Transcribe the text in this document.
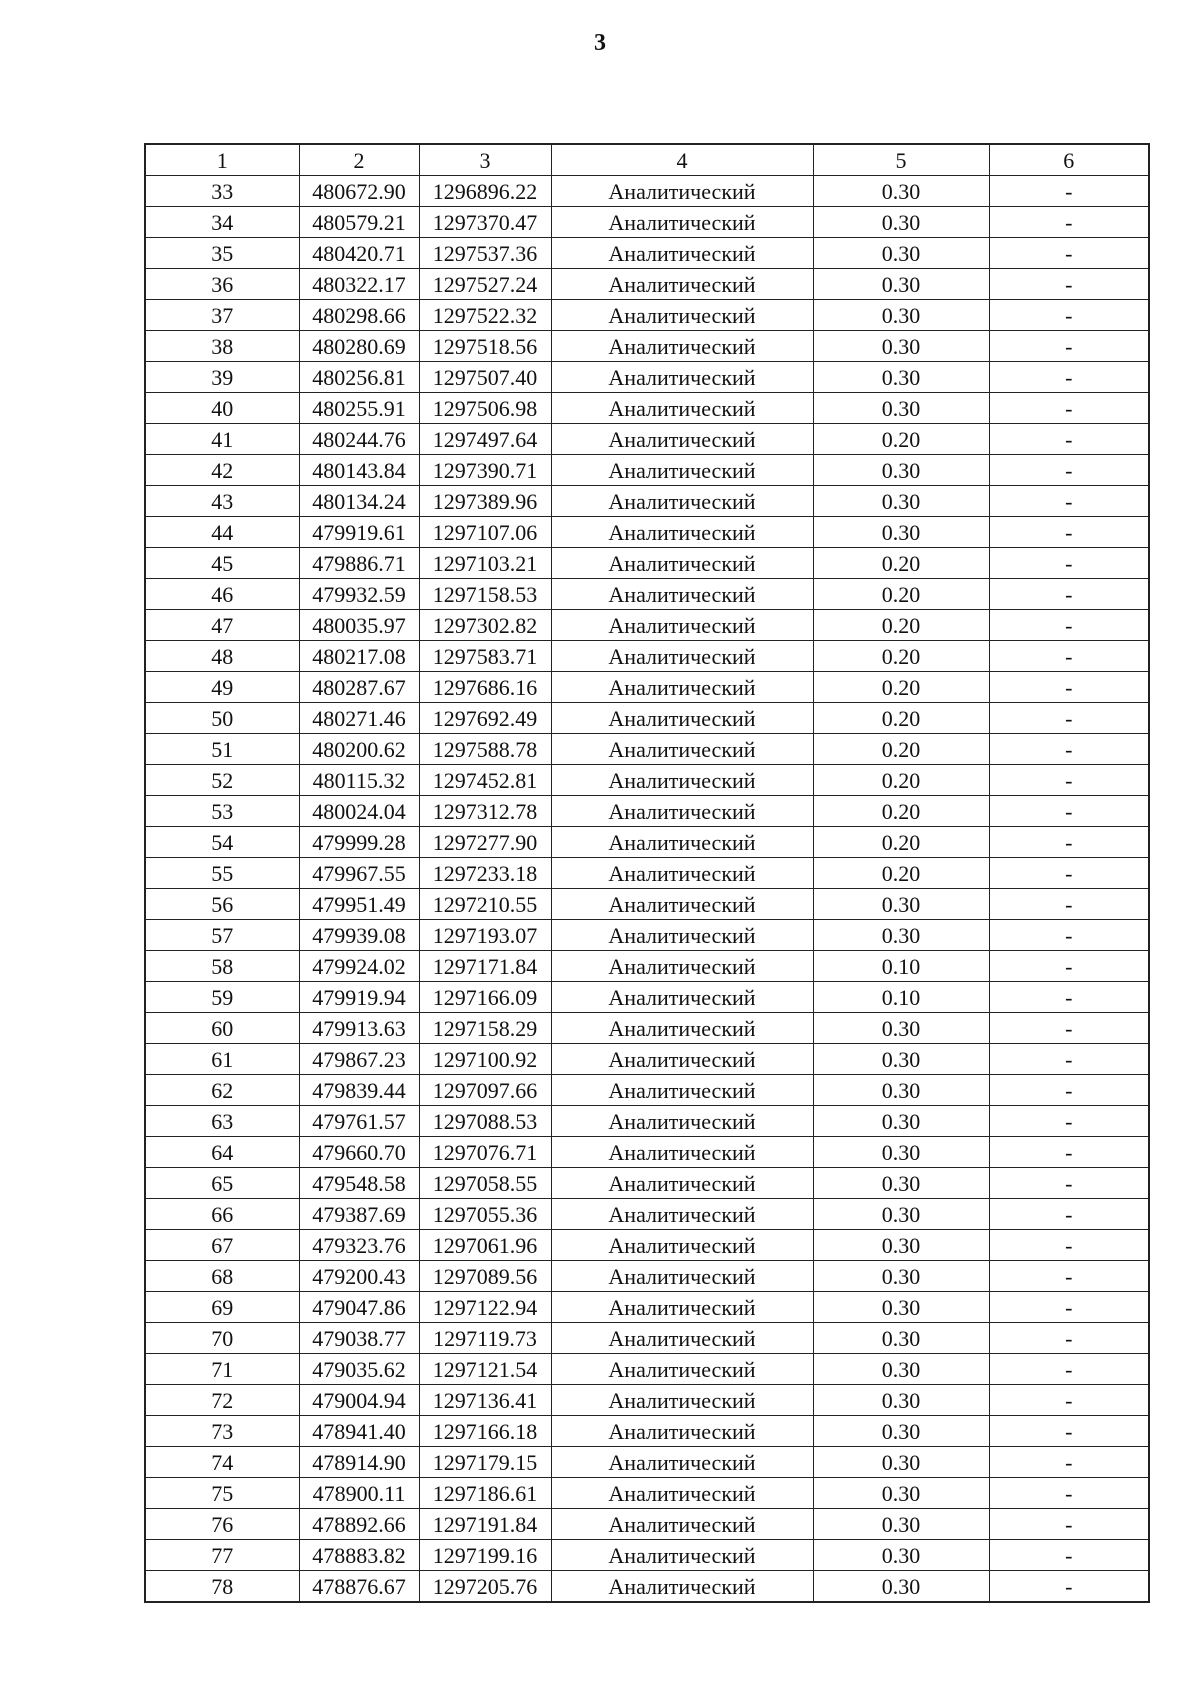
3
1	2	3	4	5	6
33	480672.90	1296896.22	Аналитический	0.30	-
34	480579.21	1297370.47	Аналитический	0.30	-
35	480420.71	1297537.36	Аналитический	0.30	-
36	480322.17	1297527.24	Аналитический	0.30	-
37	480298.66	1297522.32	Аналитический	0.30	-
38	480280.69	1297518.56	Аналитический	0.30	-
39	480256.81	1297507.40	Аналитический	0.30	-
40	480255.91	1297506.98	Аналитический	0.30	-
41	480244.76	1297497.64	Аналитический	0.20	-
42	480143.84	1297390.71	Аналитический	0.30	-
43	480134.24	1297389.96	Аналитический	0.30	-
44	479919.61	1297107.06	Аналитический	0.30	-
45	479886.71	1297103.21	Аналитический	0.20	-
46	479932.59	1297158.53	Аналитический	0.20	-
47	480035.97	1297302.82	Аналитический	0.20	-
48	480217.08	1297583.71	Аналитический	0.20	-
49	480287.67	1297686.16	Аналитический	0.20	-
50	480271.46	1297692.49	Аналитический	0.20	-
51	480200.62	1297588.78	Аналитический	0.20	-
52	480115.32	1297452.81	Аналитический	0.20	-
53	480024.04	1297312.78	Аналитический	0.20	-
54	479999.28	1297277.90	Аналитический	0.20	-
55	479967.55	1297233.18	Аналитический	0.20	-
56	479951.49	1297210.55	Аналитический	0.30	-
57	479939.08	1297193.07	Аналитический	0.30	-
58	479924.02	1297171.84	Аналитический	0.10	-
59	479919.94	1297166.09	Аналитический	0.10	-
60	479913.63	1297158.29	Аналитический	0.30	-
61	479867.23	1297100.92	Аналитический	0.30	-
62	479839.44	1297097.66	Аналитический	0.30	-
63	479761.57	1297088.53	Аналитический	0.30	-
64	479660.70	1297076.71	Аналитический	0.30	-
65	479548.58	1297058.55	Аналитический	0.30	-
66	479387.69	1297055.36	Аналитический	0.30	-
67	479323.76	1297061.96	Аналитический	0.30	-
68	479200.43	1297089.56	Аналитический	0.30	-
69	479047.86	1297122.94	Аналитический	0.30	-
70	479038.77	1297119.73	Аналитический	0.30	-
71	479035.62	1297121.54	Аналитический	0.30	-
72	479004.94	1297136.41	Аналитический	0.30	-
73	478941.40	1297166.18	Аналитический	0.30	-
74	478914.90	1297179.15	Аналитический	0.30	-
75	478900.11	1297186.61	Аналитический	0.30	-
76	478892.66	1297191.84	Аналитический	0.30	-
77	478883.82	1297199.16	Аналитический	0.30	-
78	478876.67	1297205.76	Аналитический	0.30	-
